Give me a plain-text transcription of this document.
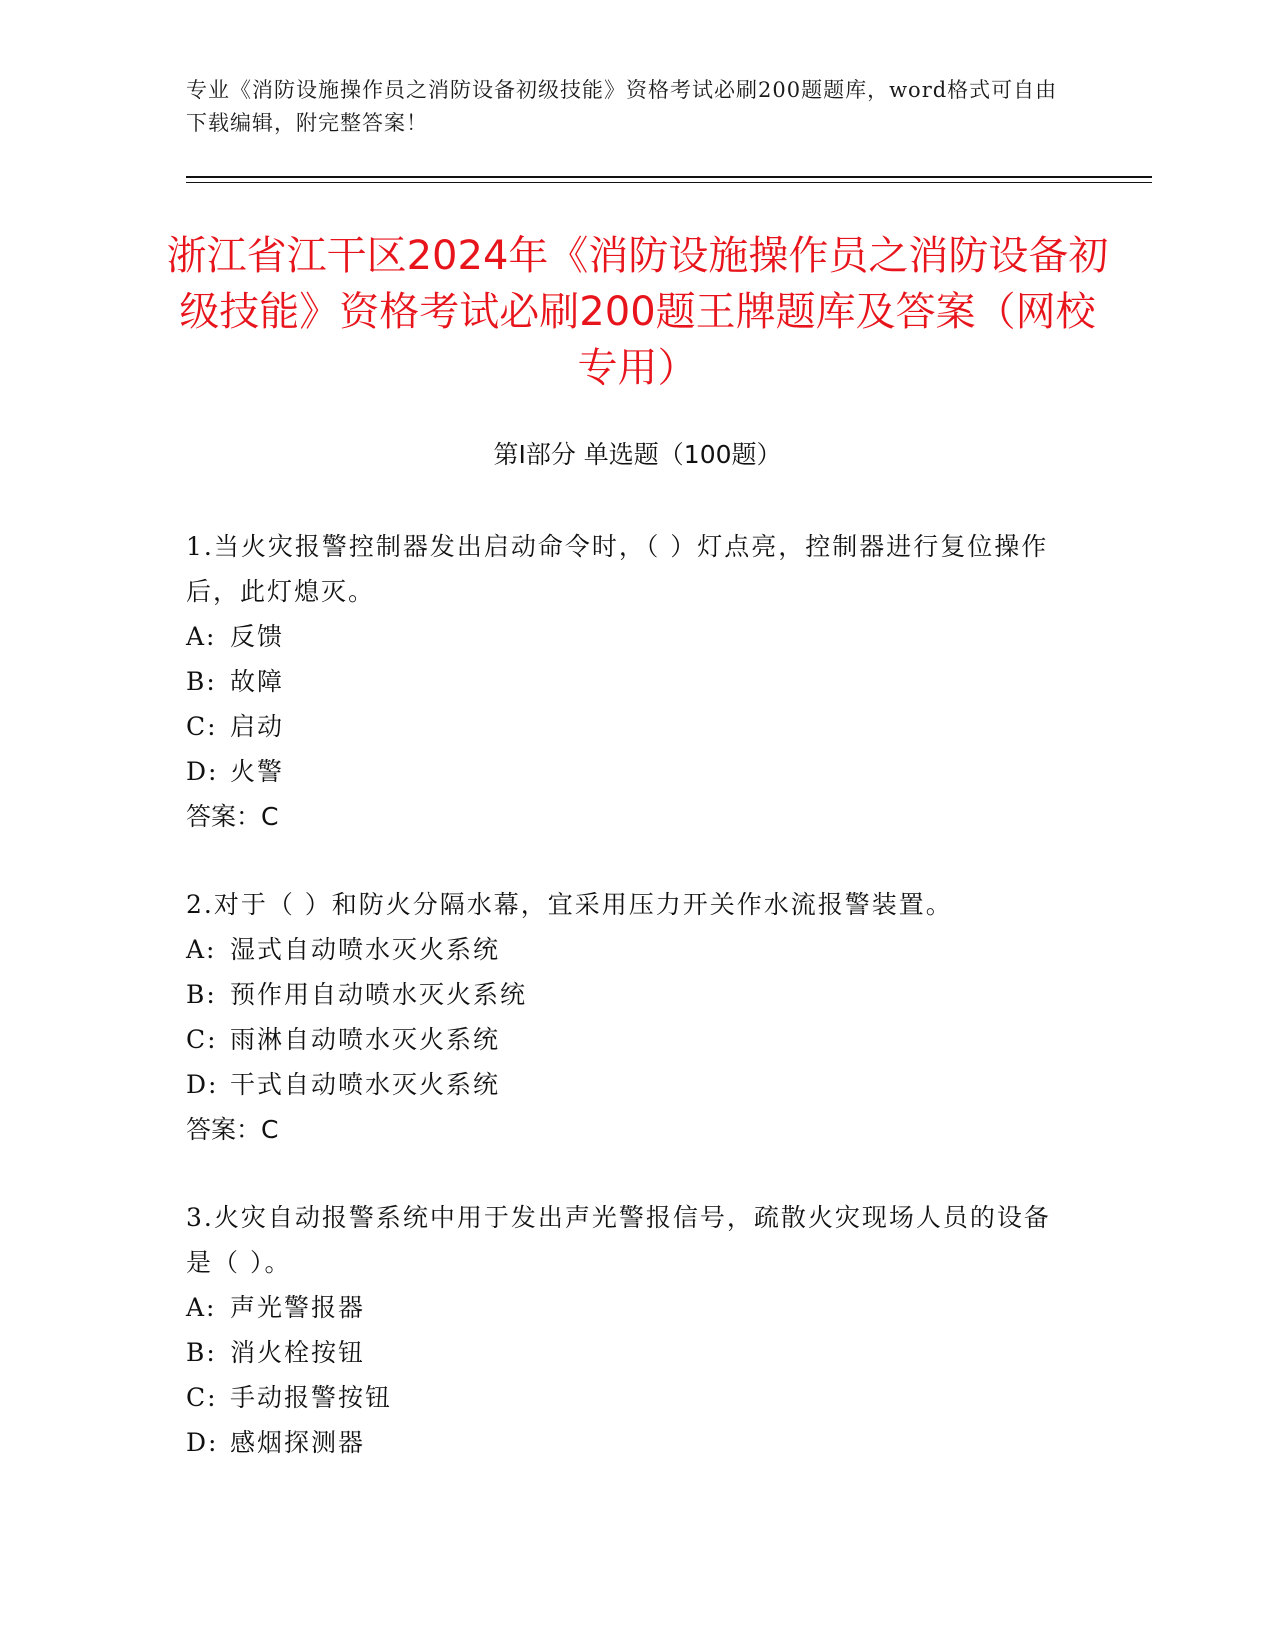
专业《消防设施操作员之消防设备初级技能》资格考试必刷200题题库，word格式可自由下载编辑，附完整答案！
浙江省江干区2024年《消防设施操作员之消防设备初级技能》资格考试必刷200题王牌题库及答案（网校专用）
第I部分 单选题（100题）

1.当火灾报警控制器发出启动命令时，（ ）灯点亮，控制器进行复位操作后，此灯熄灭。

A: 反馈

B: 故障

C: 启动

D: 火警

答案：C

2.对于（ ）和防火分隔水幕，宜采用压力开关作水流报警装置。

A: 湿式自动喷水灭火系统

B: 预作用自动喷水灭火系统

C: 雨淋自动喷水灭火系统

D: 干式自动喷水灭火系统

答案：C

3.火灾自动报警系统中用于发出声光警报信号，疏散火灾现场人员的设备是（ ）。

A: 声光警报器

B: 消火栓按钮

C: 手动报警按钮

D: 感烟探测器
